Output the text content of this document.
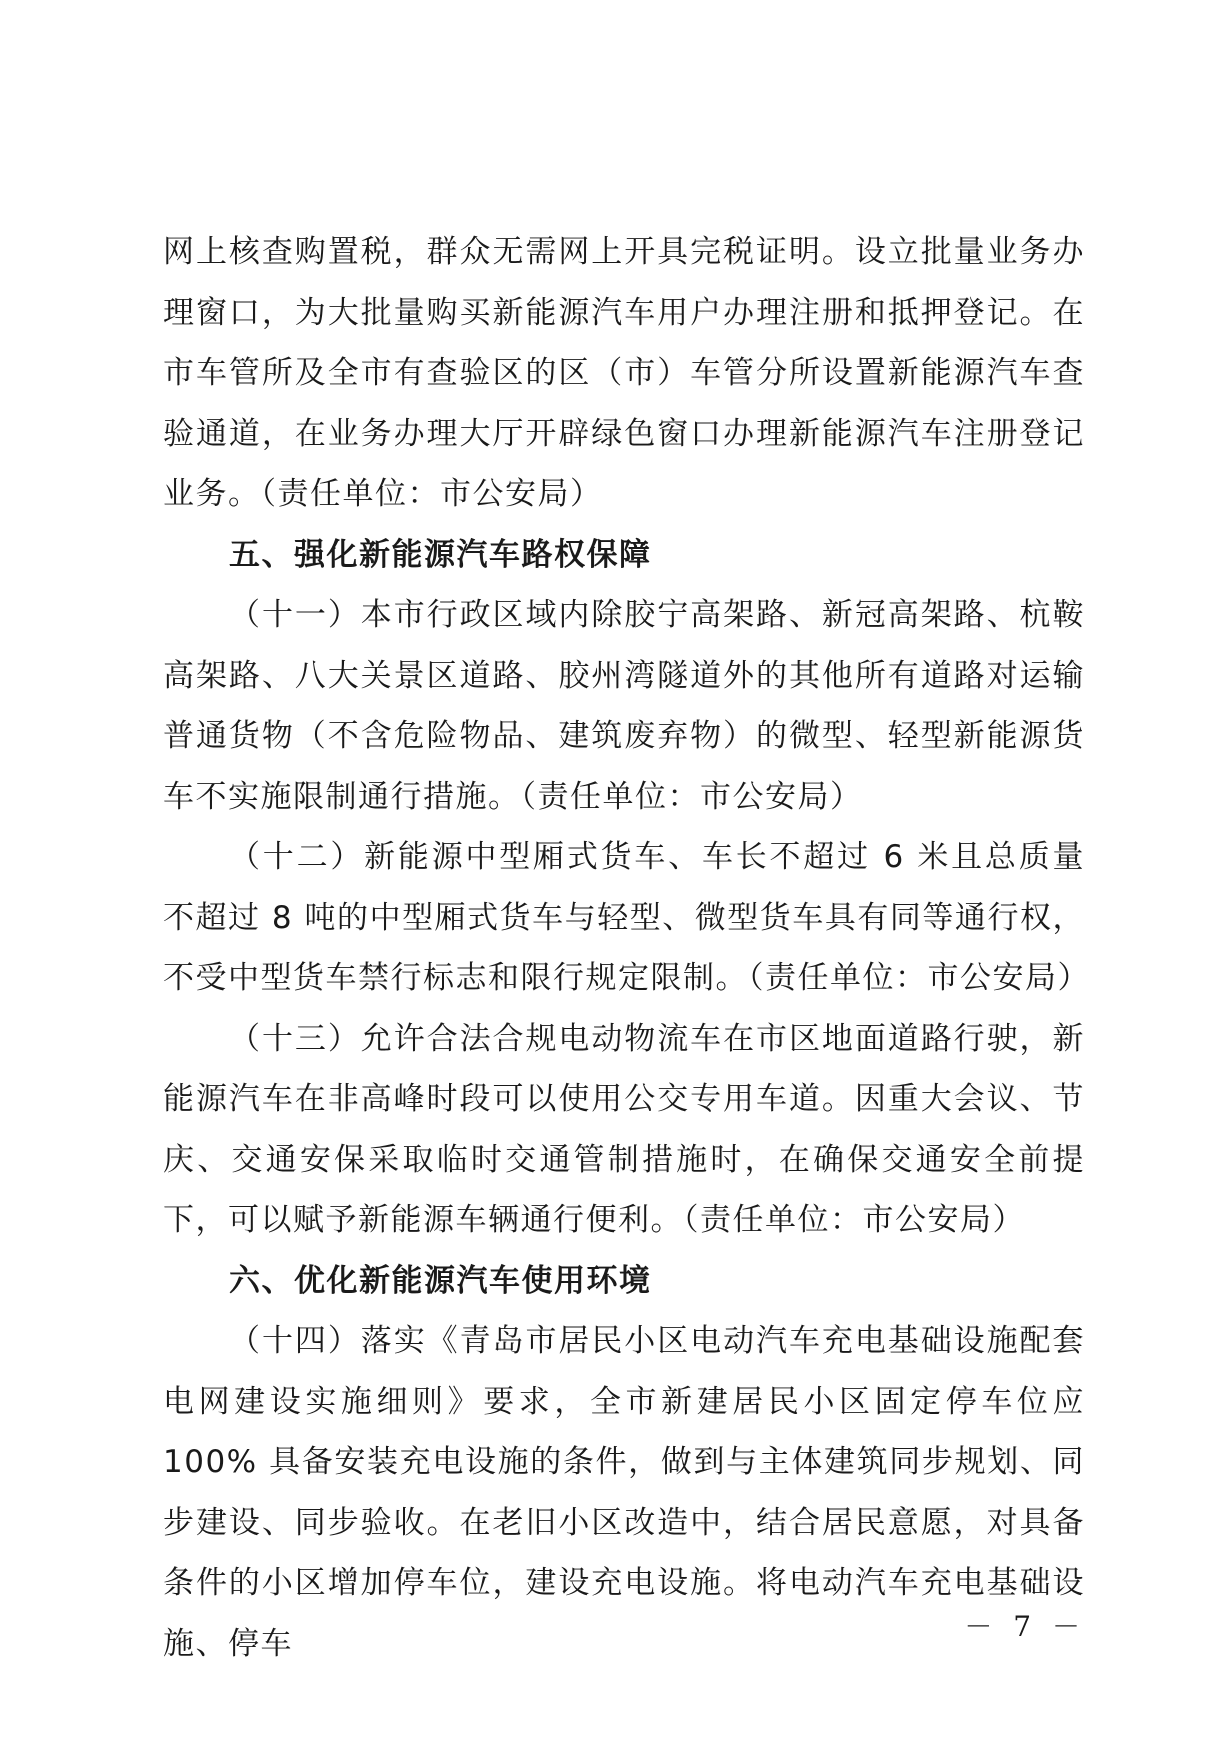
网上核查购置税，群众无需网上开具完税证明。设立批量业务办理窗口，为大批量购买新能源汽车用户办理注册和抵押登记。在市车管所及全市有查验区的区（市）车管分所设置新能源汽车查验通道，在业务办理大厅开辟绿色窗口办理新能源汽车注册登记业务。（责任单位：市公安局）

五、强化新能源汽车路权保障

（十一）本市行政区域内除胶宁高架路、新冠高架路、杭鞍高架路、八大关景区道路、胶州湾隧道外的其他所有道路对运输普通货物（不含危险物品、建筑废弃物）的微型、轻型新能源货车不实施限制通行措施。（责任单位：市公安局）

（十二）新能源中型厢式货车、车长不超过 6 米且总质量不超过 8 吨的中型厢式货车与轻型、微型货车具有同等通行权，不受中型货车禁行标志和限行规定限制。（责任单位：市公安局）

（十三）允许合法合规电动物流车在市区地面道路行驶，新能源汽车在非高峰时段可以使用公交专用车道。因重大会议、节庆、交通安保采取临时交通管制措施时，在确保交通安全前提下，可以赋予新能源车辆通行便利。（责任单位：市公安局）

六、优化新能源汽车使用环境

（十四）落实《青岛市居民小区电动汽车充电基础设施配套电网建设实施细则》要求，全市新建居民小区固定停车位应 100% 具备安装充电设施的条件，做到与主体建筑同步规划、同步建设、同步验收。在老旧小区改造中，结合居民意愿，对具备条件的小区增加停车位，建设充电设施。将电动汽车充电基础设施、停车	－ 7 －
